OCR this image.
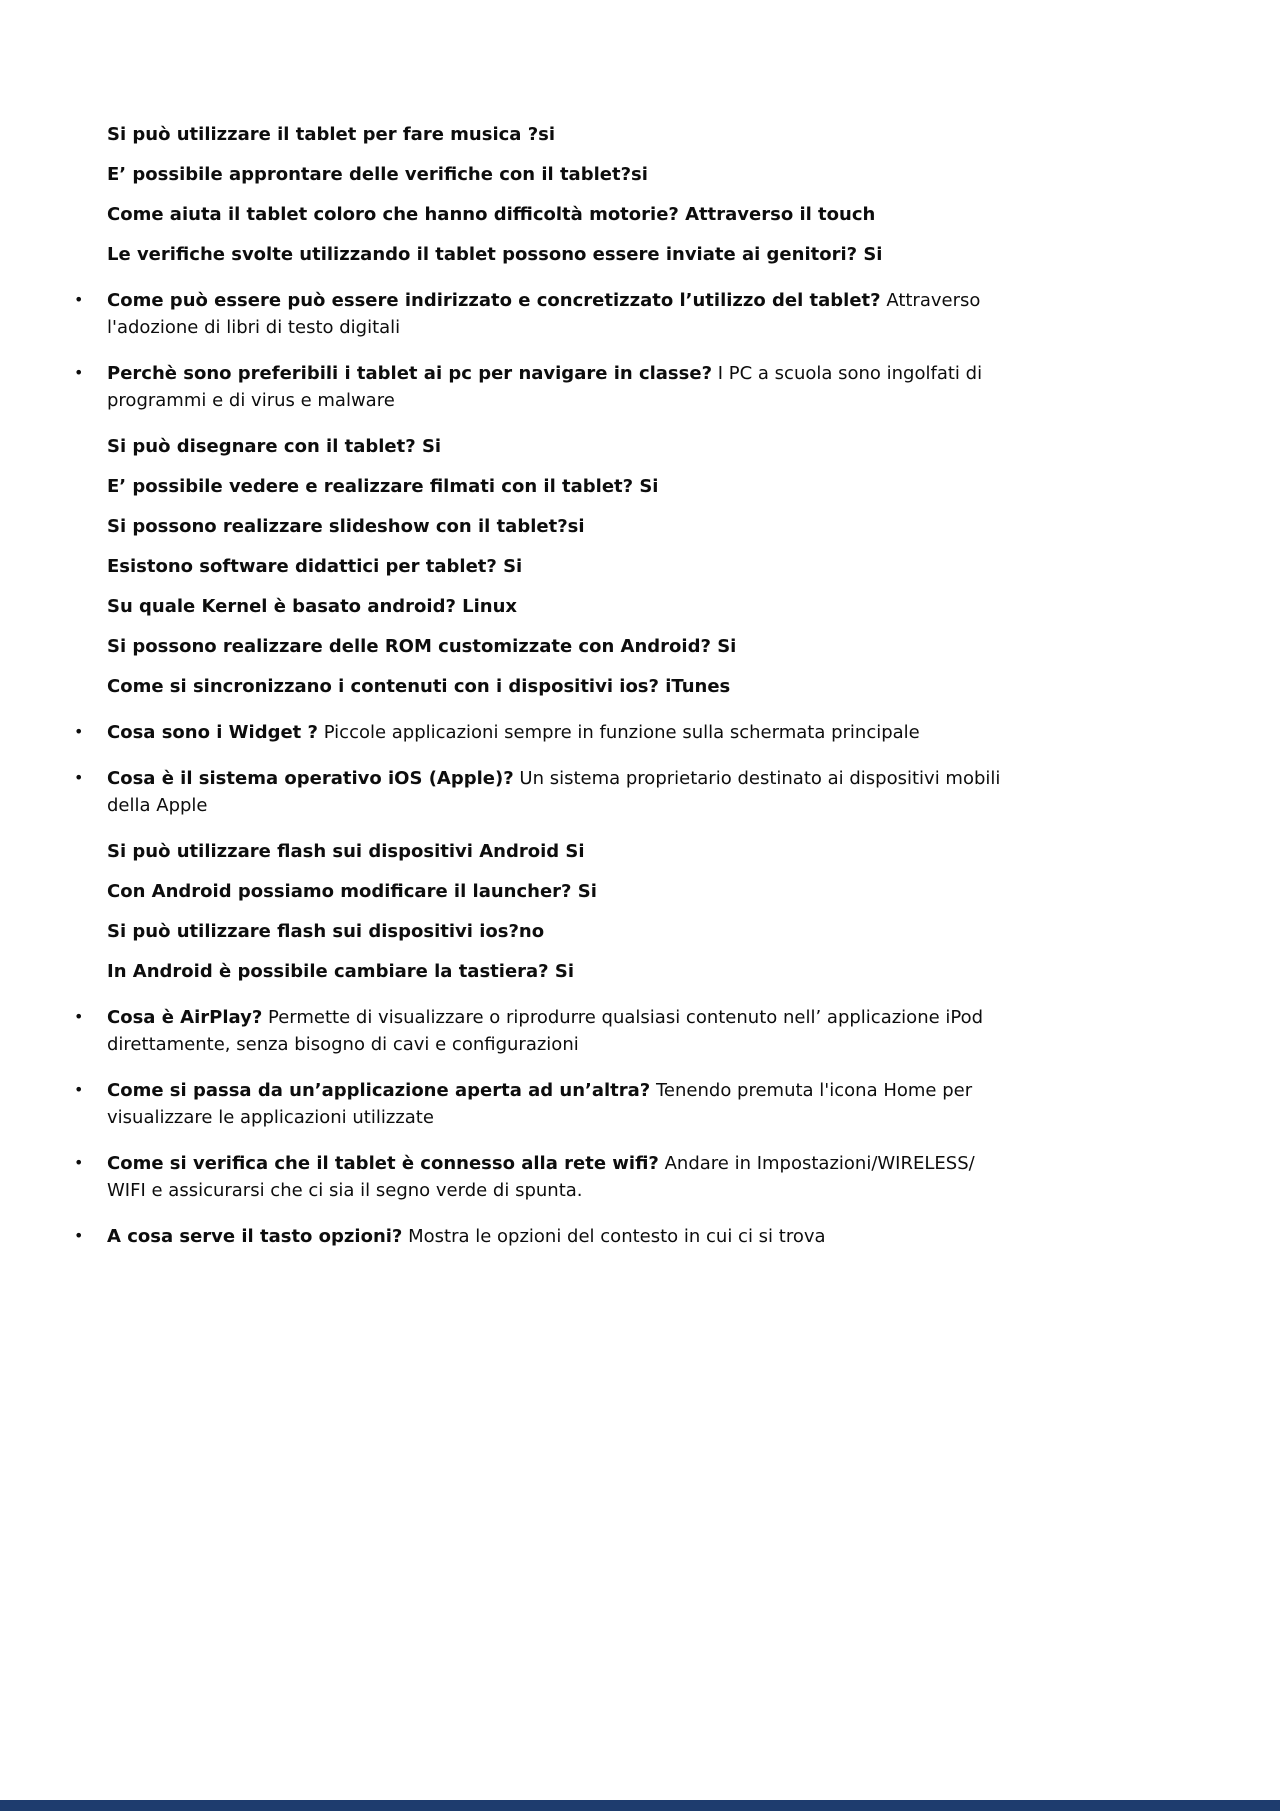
Si può utilizzare il tablet per fare musica ?si
E’ possibile approntare delle verifiche con il tablet?si
Come aiuta il tablet coloro che hanno difficoltà motorie? Attraverso il touch
Le verifiche svolte utilizzando il tablet possono essere inviate ai genitori? Si
• Come può essere può essere indirizzato e concretizzato l’utilizzo del tablet? Attraverso l'adozione di libri di testo digitali
• Perchè sono preferibili i tablet ai pc per navigare in classe? I PC a scuola sono ingolfati di programmi e di virus e malware
Si può disegnare con il tablet? Si
E’ possibile vedere e realizzare filmati con il tablet? Si
Si possono realizzare slideshow con il tablet?si
Esistono software didattici per tablet? Si
Su quale Kernel è basato android? Linux
Si possono realizzare delle ROM customizzate con Android? Si
Come si sincronizzano i contenuti con i dispositivi ios? iTunes
• Cosa sono i Widget ? Piccole applicazioni sempre in funzione sulla schermata principale
• Cosa è il sistema operativo iOS (Apple)? Un sistema proprietario destinato ai dispositivi mobili della Apple
Si può utilizzare flash sui dispositivi Android Si
Con Android possiamo modificare il launcher? Si
Si può utilizzare flash sui dispositivi ios?no
In Android è possibile cambiare la tastiera? Si
• Cosa è AirPlay? Permette di visualizzare o riprodurre qualsiasi contenuto nell’ applicazione iPod direttamente, senza bisogno di cavi e configurazioni
• Come si passa da un’applicazione aperta ad un’altra? Tenendo premuta l'icona Home per visualizzare le applicazioni utilizzate
• Come si verifica che il tablet è connesso alla rete wifi? Andare in Impostazioni/WIRELESS/ WIFI e assicurarsi che ci sia il segno verde di spunta.
• A cosa serve il tasto opzioni? Mostra le opzioni del contesto in cui ci si trova
